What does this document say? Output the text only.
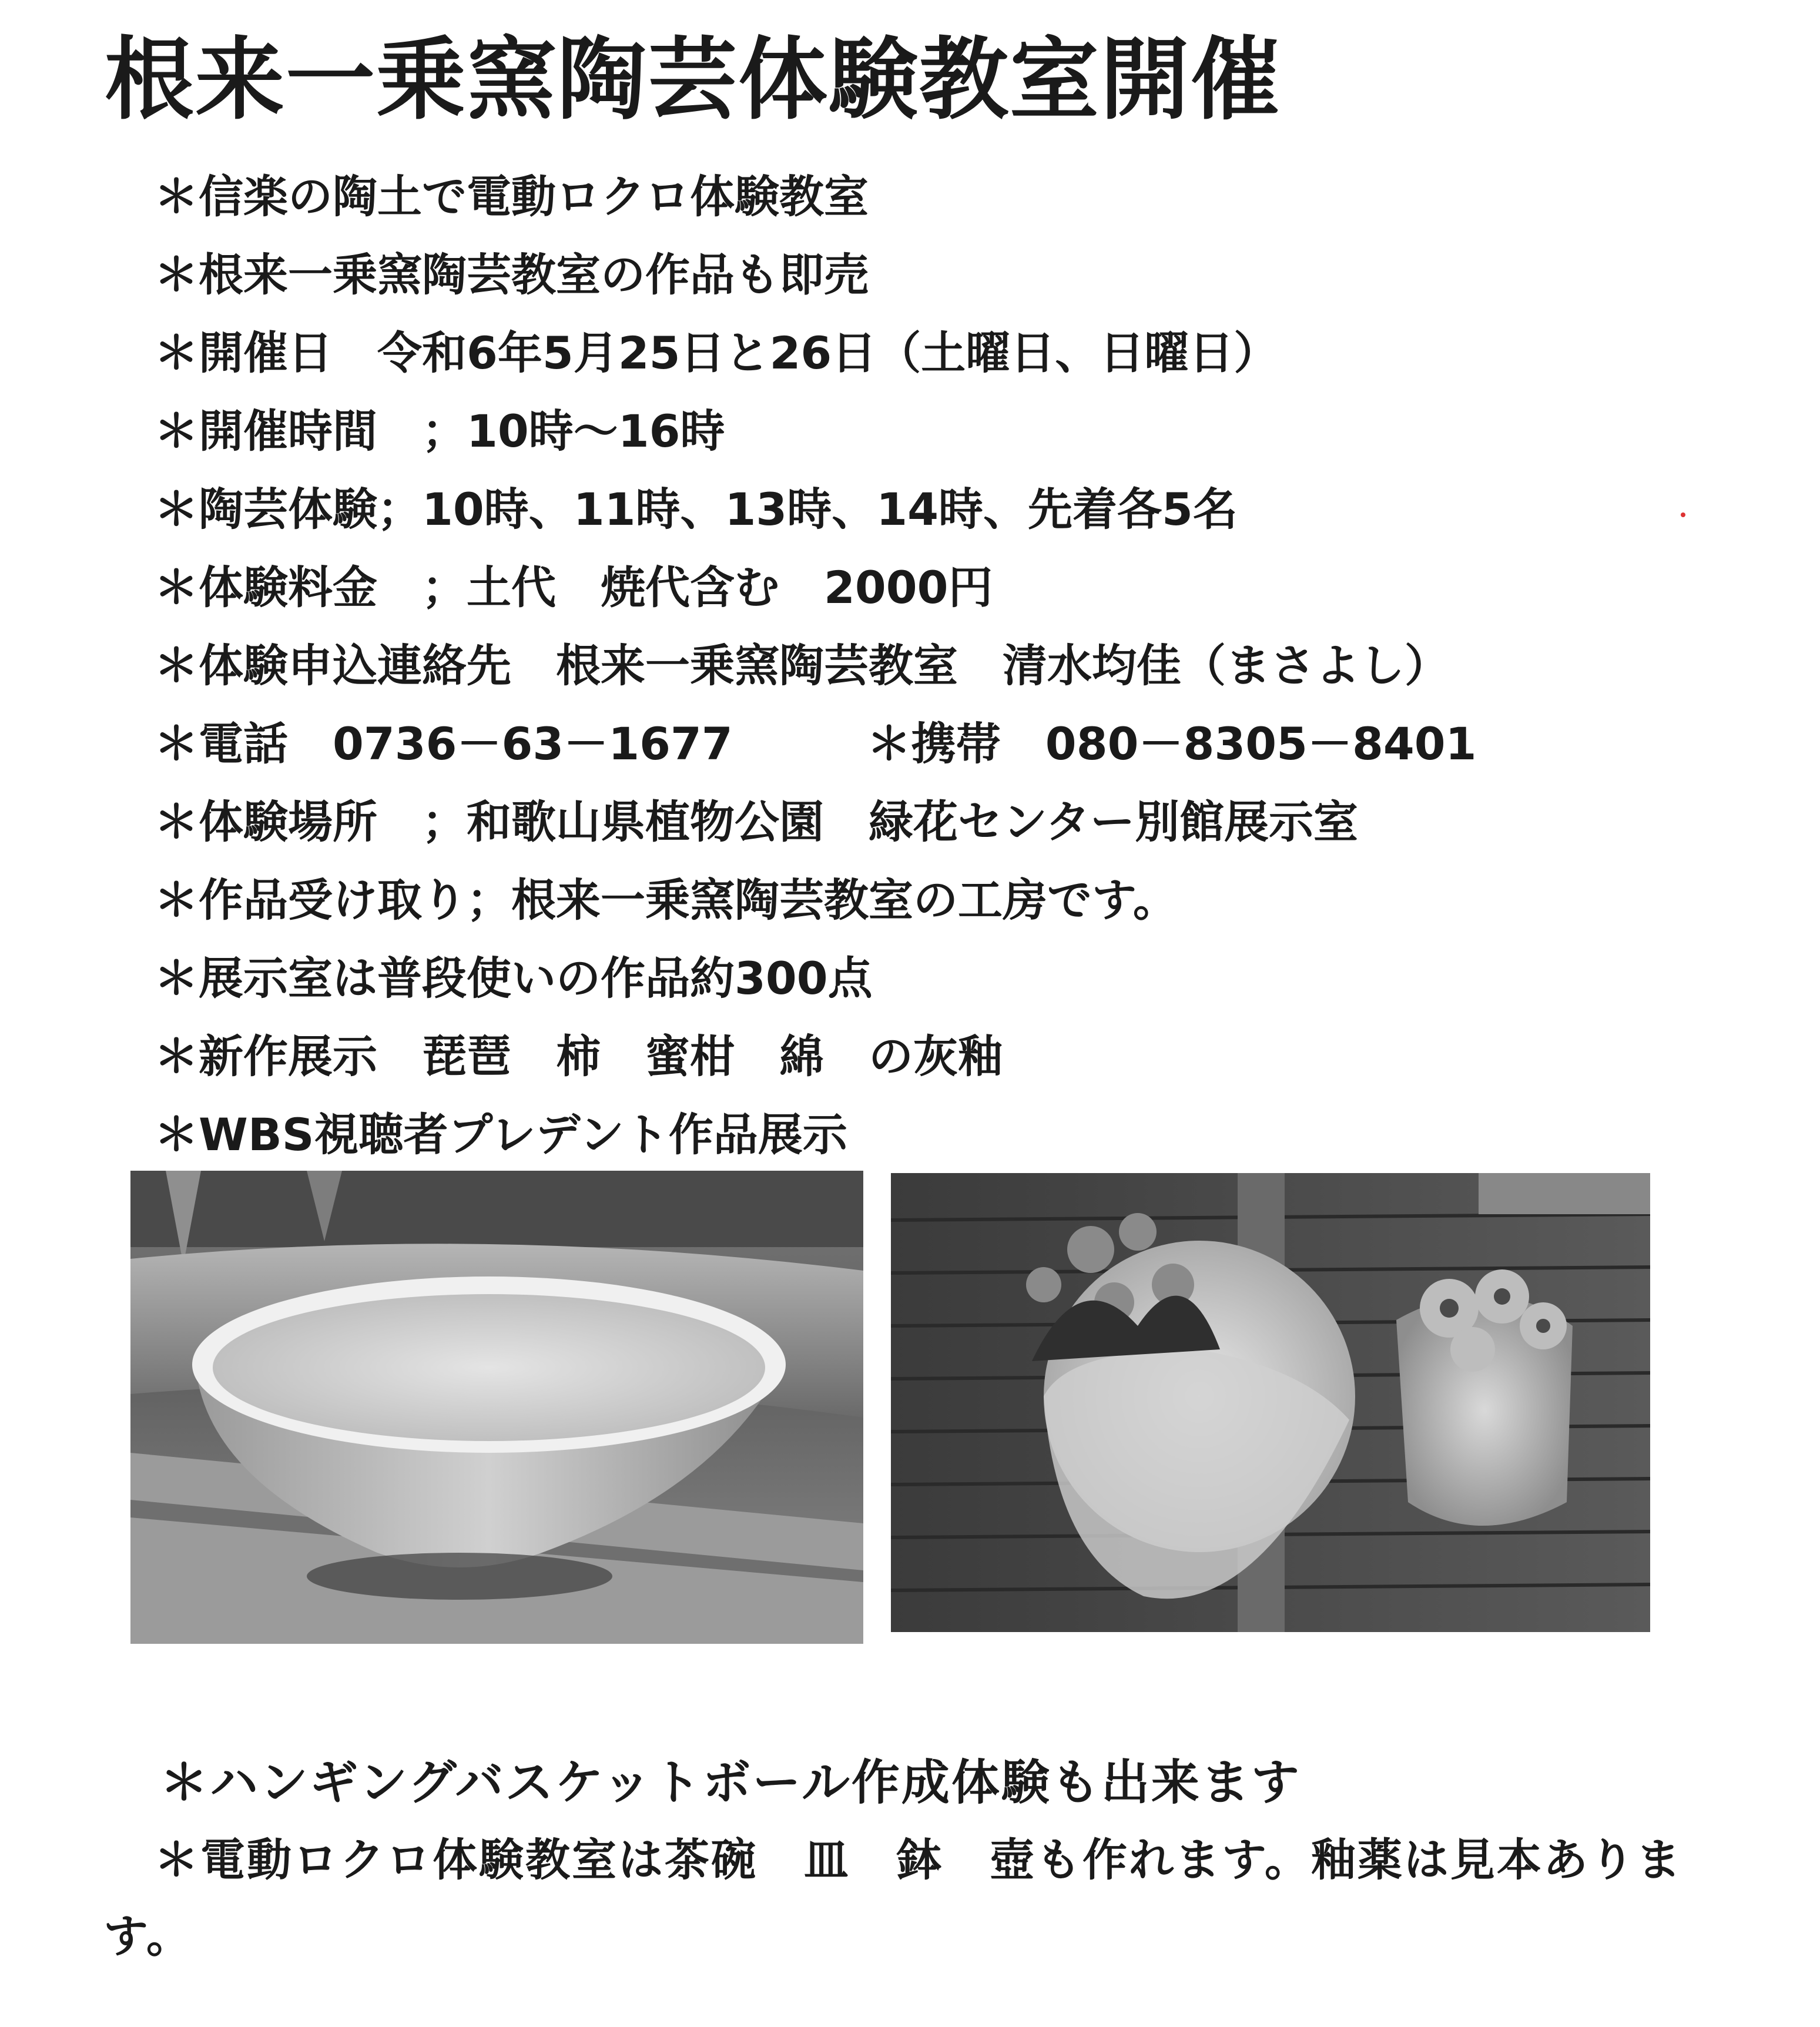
根来一乗窯陶芸体験教室開催
＊信楽の陶土で電動ロクロ体験教室
＊根来一乗窯陶芸教室の作品も即売
＊開催日　令和6年5月25日と26日（土曜日、日曜日）
＊開催時間　；10時～16時
＊陶芸体験；10時、11時、13時、14時、先着各5名
＊体験料金　；土代　焼代含む　2000円
＊体験申込連絡先　根来一乗窯陶芸教室　清水均佳（まさよし）
＊電話　0736－63－1677　　　＊携帯　080－8305－8401
＊体験場所　；和歌山県植物公園　緑花センター別館展示室
＊作品受け取り；根来一乗窯陶芸教室の工房です。
＊展示室は普段使いの作品約300点
＊新作展示　琵琶　柿　蜜柑　綿　の灰釉
＊WBS視聴者プレデント作品展示
＊ハンギングバスケットボール作成体験も出来ます
＊電動ロクロ体験教室は茶碗　皿　鉢　壺も作れます。釉薬は見本あります。
